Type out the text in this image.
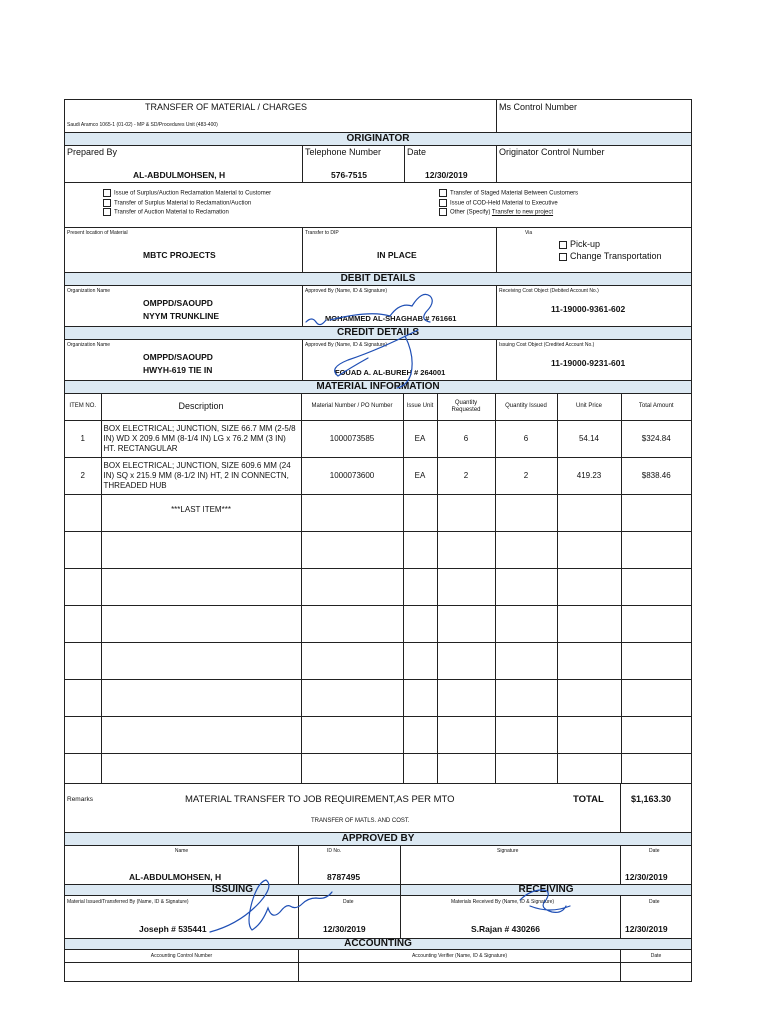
TRANSFER OF MATERIAL / CHARGES
Saudi Aramco 1065-1 (01-02) - MP & SD/Procedures Unit (483-400)
Ms Control Number
ORIGINATOR
Prepared By
AL-ABDULMOHSEN, H
Telephone Number
576-7515
Date
12/30/2019
Originator Control Number
Issue of Surplus/Auction Reclamation Material to Customer
Transfer of Surplus Material to Reclamation/Auction
Transfer of Auction Material to Reclamation
Transfer of Staged Material Between Customers
Issue of COD-Held Material to Executive
Other (Specify) Transfer to new project
Present location of Material
MBTC PROJECTS
Transfer to DIP
IN PLACE
Via
Pick-up
Change Transportation
DEBIT DETAILS
Organization Name
OMPPD/SAOUPD
NYYM TRUNKLINE
Approved By (Name, ID & Signature)
MOHAMMED AL-SHAGHAB # 761661
Receiving Cost Object (Debited Account No.)
11-19000-9361-602
CREDIT DETAILS
Organization Name
OMPPD/SAOUPD
HWYH-619 TIE IN
Approved By (Name, ID & Signature)
FOUAD A. AL-BUREH # 264001
Issuing Cost Object (Credited Account No.)
11-19000-9231-601
MATERIAL INFORMATION
ITEM NO.	Description	Material Number / PO Number	Issue Unit	Quantity Requested	Quantity Issued	Unit Price	Total Amount
1	BOX ELECTRICAL; JUNCTION, SIZE 66.7 MM (2-5/8 IN) WD X 209.6 MM (8-1/4 IN) LG x 76.2 MM (3 IN) HT. RECTANGULAR	1000073585	EA	6	6	54.14	$324.84
2	BOX ELECTRICAL; JUNCTION, SIZE 609.6 MM (24 IN) SQ x 215.9 MM (8-1/2 IN) HT, 2 IN CONNECTN, THREADED HUB	1000073600	EA	2	2	419.23	$838.46
	***LAST ITEM***						

Remarks	MATERIAL TRANSFER TO JOB REQUIREMENT,AS PER MTO
TRANSFER OF MATLS. AND COST.
TOTAL	$1,163.30
APPROVED BY
Name
AL-ABDULMOHSEN, H
ID No.
8787495
Signature	Date
12/30/2019
ISSUING	RECEIVING
Material Issued/Transferred By (Name, ID & Signature)
Joseph # 535441
Date
12/30/2019
Materials Received By (Name, ID & Signature)
S.Rajan # 430266
Date
12/30/2019
ACCOUNTING
Accounting Control Number	Accounting Verifier (Name, ID & Signature)	Date
